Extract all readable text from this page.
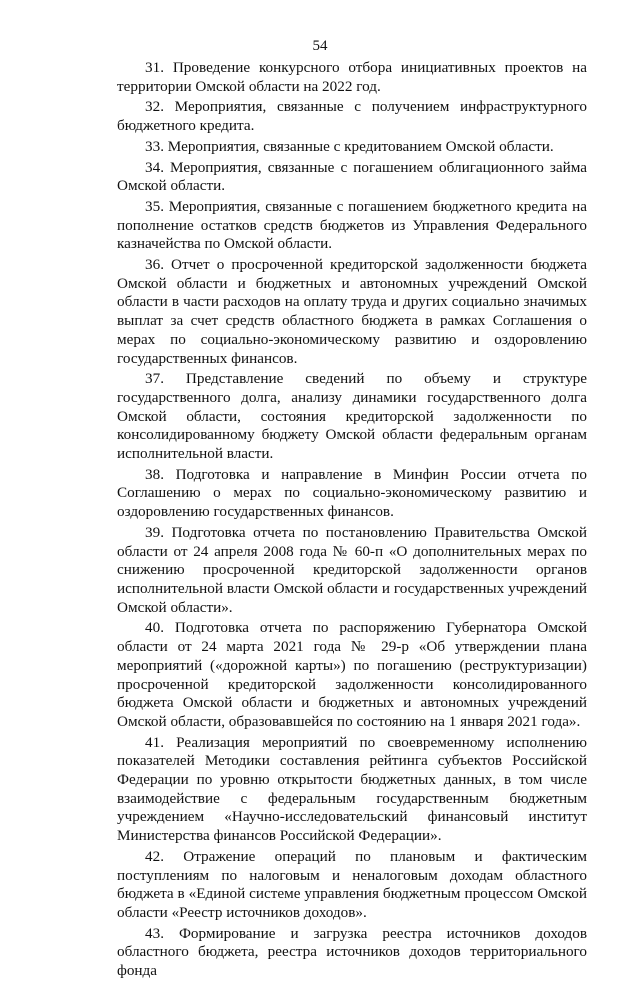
54

31. Проведение конкурсного отбора инициативных проектов на территории Омской области на 2022 год.

32. Мероприятия, связанные с получением инфраструктурного бюджетного кредита.

33. Мероприятия, связанные с кредитованием Омской области.

34. Мероприятия, связанные с погашением облигационного займа Омской области.

35. Мероприятия, связанные с погашением бюджетного кредита на пополнение остатков средств бюджетов из Управления Федерального казначейства по Омской области.

36. Отчет о просроченной кредиторской задолженности бюджета Омской области и бюджетных и автономных учреждений Омской области в части расходов на оплату труда и других социально значимых выплат за счет средств областного бюджета в рамках Соглашения о мерах по социально-экономическому развитию и оздоровлению государственных финансов.

37. Представление сведений по объему и структуре государственного долга, анализу динамики государственного долга Омской области, состояния кредиторской задолженности по консолидированному бюджету Омской области федеральным органам исполнительной власти.

38. Подготовка и направление в Минфин России отчета по Соглашению о мерах по социально-экономическому развитию и оздоровлению государственных финансов.

39. Подготовка отчета по постановлению Правительства Омской области от 24 апреля 2008 года № 60-п «О дополнительных мерах по снижению просроченной кредиторской задолженности органов исполнительной власти Омской области и государственных учреждений Омской области».

40. Подготовка отчета по распоряжению Губернатора Омской области от 24 марта 2021 года № 29-р «Об утверждении плана мероприятий («дорожной карты») по погашению (реструктуризации) просроченной кредиторской задолженности консолидированного бюджета Омской области и бюджетных и автономных учреждений Омской области, образовавшейся по состоянию на 1 января 2021 года».

41. Реализация мероприятий по своевременному исполнению показателей Методики составления рейтинга субъектов Российской Федерации по уровню открытости бюджетных данных, в том числе взаимодействие с федеральным государственным бюджетным учреждением «Научно-исследовательский финансовый институт Министерства финансов Российской Федерации».

42. Отражение операций по плановым и фактическим поступлениям по налоговым и неналоговым доходам областного бюджета в «Единой системе управления бюджетным процессом Омской области «Реестр источников доходов».

43. Формирование и загрузка реестра источников доходов областного бюджета, реестра источников доходов территориального фонда
